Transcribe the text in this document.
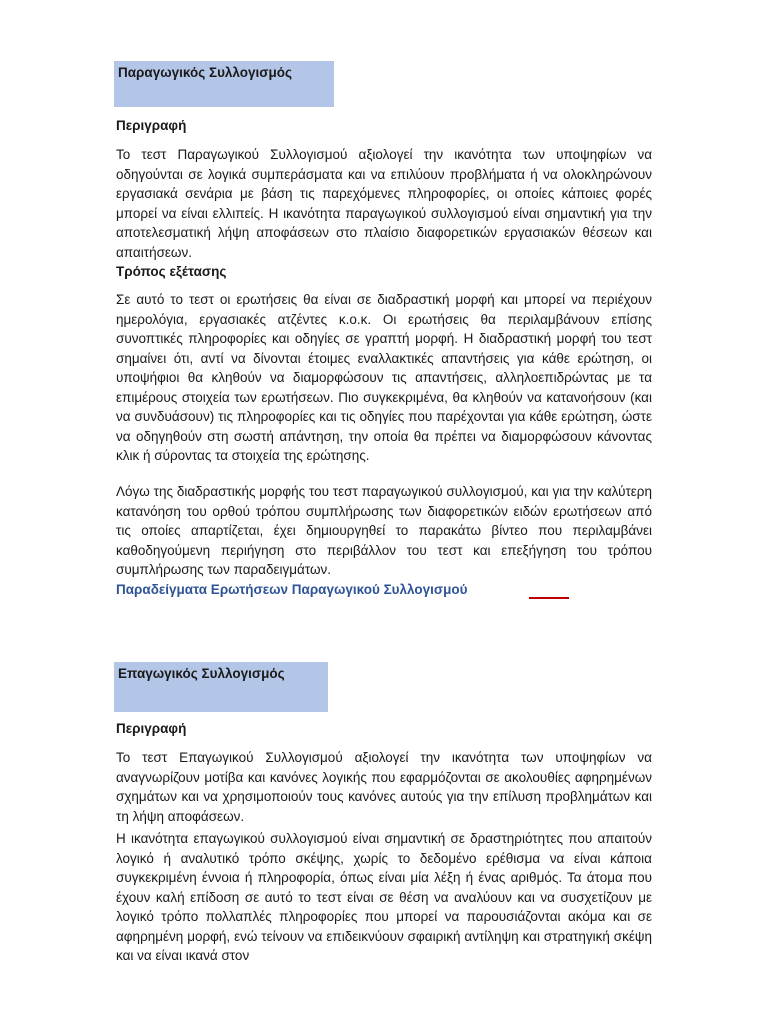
Παραγωγικός Συλλογισμός
Περιγραφή
Το τεστ Παραγωγικού Συλλογισμού αξιολογεί την ικανότητα των υποψηφίων να οδηγούνται σε λογικά συμπεράσματα και να επιλύουν προβλήματα ή να ολοκληρώνουν εργασιακά σενάρια με βάση τις παρεχόμενες πληροφορίες, οι οποίες κάποιες φορές μπορεί να είναι ελλιπείς. Η ικανότητα παραγωγικού συλλογισμού είναι σημαντική για την αποτελεσματική λήψη αποφάσεων στο πλαίσιο διαφορετικών εργασιακών θέσεων και απαιτήσεων.
Τρόπος εξέτασης
Σε αυτό το τεστ οι ερωτήσεις θα είναι σε διαδραστική μορφή και μπορεί να περιέχουν ημερολόγια, εργασιακές ατζέντες κ.ο.κ. Οι ερωτήσεις θα περιλαμβάνουν επίσης συνοπτικές πληροφορίες και οδηγίες σε γραπτή μορφή. Η διαδραστική μορφή του τεστ σημαίνει ότι, αντί να δίνονται έτοιμες εναλλακτικές απαντήσεις για κάθε ερώτηση, οι υποψήφιοι θα κληθούν να διαμορφώσουν τις απαντήσεις, αλληλοεπιδρώντας με τα επιμέρους στοιχεία των ερωτήσεων. Πιο συγκεκριμένα, θα κληθούν να κατανοήσουν (και να συνδυάσουν) τις πληροφορίες και τις οδηγίες που παρέχονται για κάθε ερώτηση, ώστε να οδηγηθούν στη σωστή απάντηση, την οποία θα πρέπει να διαμορφώσουν κάνοντας κλικ ή σύροντας τα στοιχεία της ερώτησης.
Λόγω της διαδραστικής μορφής του τεστ παραγωγικού συλλογισμού, και για την καλύτερη κατανόηση του ορθού τρόπου συμπλήρωσης των διαφορετικών ειδών ερωτήσεων από τις οποίες απαρτίζεται, έχει δημιουργηθεί το παρακάτω βίντεο που περιλαμβάνει καθοδηγούμενη περιήγηση στο περιβάλλον του τεστ και επεξήγηση του τρόπου συμπλήρωσης των παραδειγμάτων.
Παραδείγματα Ερωτήσεων Παραγωγικού Συλλογισμού
Επαγωγικός Συλλογισμός
Περιγραφή
Το τεστ Επαγωγικού Συλλογισμού αξιολογεί την ικανότητα των υποψηφίων να αναγνωρίζουν μοτίβα και κανόνες λογικής που εφαρμόζονται σε ακολουθίες αφηρημένων σχημάτων και να χρησιμοποιούν τους κανόνες αυτούς για την επίλυση προβλημάτων και τη λήψη αποφάσεων.
Η ικανότητα επαγωγικού συλλογισμού είναι σημαντική σε δραστηριότητες που απαιτούν λογικό ή αναλυτικό τρόπο σκέψης, χωρίς το δεδομένο ερέθισμα να είναι κάποια συγκεκριμένη έννοια ή πληροφορία, όπως είναι μία λέξη ή ένας αριθμός. Τα άτομα που έχουν καλή επίδοση σε αυτό το τεστ είναι σε θέση να αναλύουν και να συσχετίζουν με λογικό τρόπο πολλαπλές πληροφορίες που μπορεί να παρουσιάζονται ακόμα και σε αφηρημένη μορφή, ενώ τείνουν να επιδεικνύουν σφαιρική αντίληψη και στρατηγική σκέψη και να είναι ικανά στον
